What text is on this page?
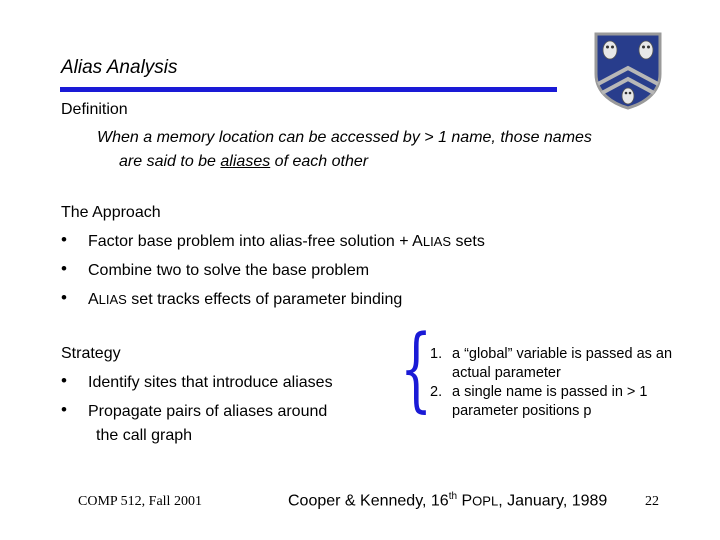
Alias Analysis
Definition
When a memory location can be accessed by > 1 name, those names
are said to be aliases of each other
The Approach
• Factor base problem into alias-free solution + ALIAS sets
• Combine two to solve the base problem
• ALIAS set tracks effects of parameter binding
Strategy
• Identify sites that introduce aliases
• Propagate pairs of aliases around
the call graph
{
1. a “global” variable is passed as an
actual parameter
2. a single name is passed in > 1
parameter positions p
COMP 512, Fall 2001	Cooper & Kennedy, 16th POPL, January, 1989	22
